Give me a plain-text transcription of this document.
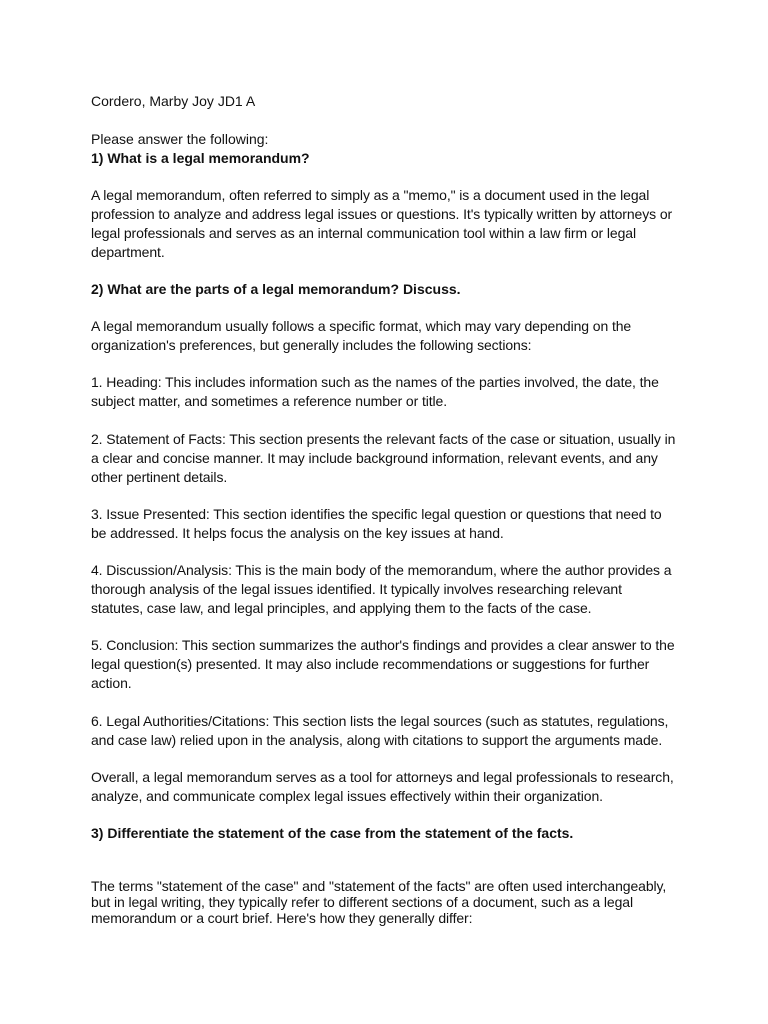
Cordero, Marby Joy JD1 A

Please answer the following:

1) What is a legal memorandum?

A legal memorandum, often referred to simply as a "memo," is a document used in the legal

profession to analyze and address legal issues or questions. It's typically written by attorneys or

legal professionals and serves as an internal communication tool within a law firm or legal

department.

2) What are the parts of a legal memorandum? Discuss.

A legal memorandum usually follows a specific format, which may vary depending on the

organization's preferences, but generally includes the following sections:

1. Heading: This includes information such as the names of the parties involved, the date, the

subject matter, and sometimes a reference number or title.

2. Statement of Facts: This section presents the relevant facts of the case or situation, usually in

a clear and concise manner. It may include background information, relevant events, and any

other pertinent details.

3. Issue Presented: This section identifies the specific legal question or questions that need to

be addressed. It helps focus the analysis on the key issues at hand.

4. Discussion/Analysis: This is the main body of the memorandum, where the author provides a

thorough analysis of the legal issues identified. It typically involves researching relevant

statutes, case law, and legal principles, and applying them to the facts of the case.

5. Conclusion: This section summarizes the author's findings and provides a clear answer to the

legal question(s) presented. It may also include recommendations or suggestions for further

action.

6. Legal Authorities/Citations: This section lists the legal sources (such as statutes, regulations,

and case law) relied upon in the analysis, along with citations to support the arguments made.

Overall, a legal memorandum serves as a tool for attorneys and legal professionals to research,

analyze, and communicate complex legal issues effectively within their organization.

3) Differentiate the statement of the case from the statement of the facts.

The terms "statement of the case" and "statement of the facts" are often used interchangeably,

but in legal writing, they typically refer to different sections of a document, such as a legal

memorandum or a court brief. Here's how they generally differ:
